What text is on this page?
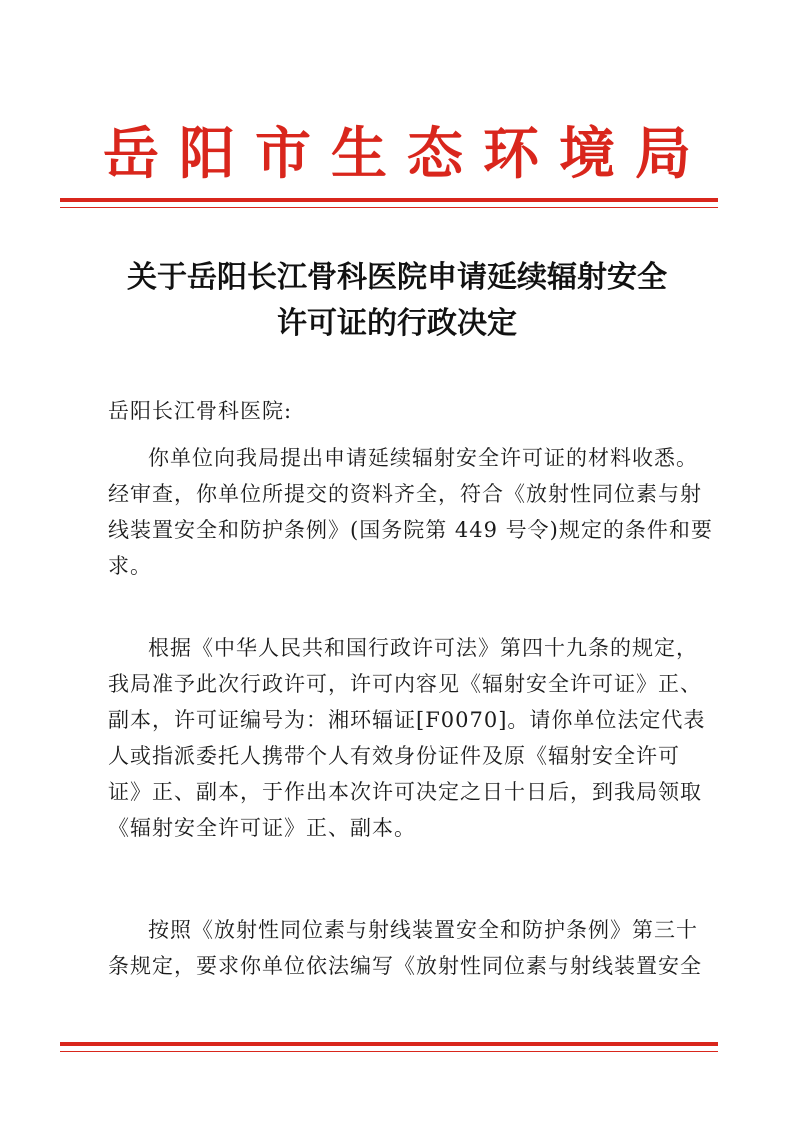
岳阳市生态环境局
关于岳阳长江骨科医院申请延续辐射安全
许可证的行政决定
岳阳长江骨科医院:
你单位向我局提出申请延续辐射安全许可证的材料收悉。
经审查，你单位所提交的资料齐全，符合《放射性同位素与射
线装置安全和防护条例》(国务院第 449 号令)规定的条件和要
求。
根据《中华人民共和国行政许可法》第四十九条的规定，
我局准予此次行政许可，许可内容见《辐射安全许可证》正、
副本，许可证编号为：湘环辐证[F0070]。请你单位法定代表
人或指派委托人携带个人有效身份证件及原《辐射安全许可
证》正、副本，于作出本次许可决定之日十日后，到我局领取
《辐射安全许可证》正、副本。
按照《放射性同位素与射线装置安全和防护条例》第三十
条规定，要求你单位依法编写《放射性同位素与射线装置安全
